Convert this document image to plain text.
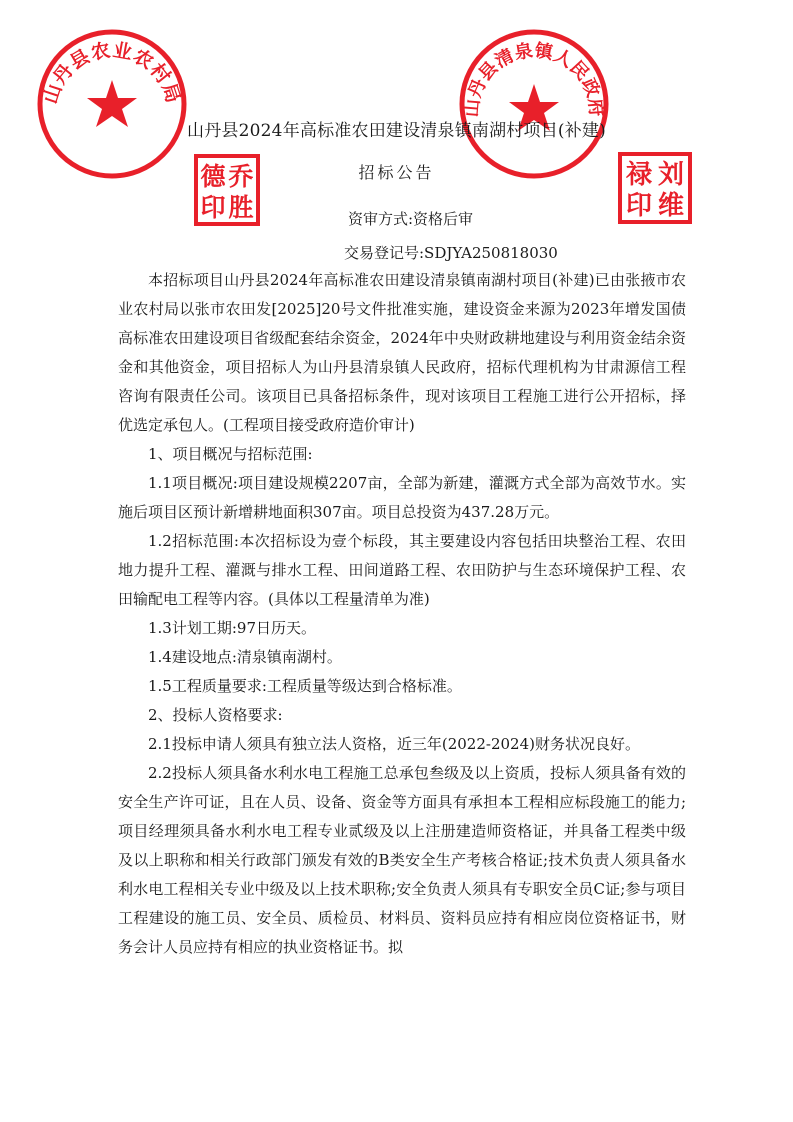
山丹县农业农村局
山丹县清泉镇人民政府
乔
德
胜
印
刘
禄
维
印
山丹县2024年高标准农田建设清泉镇南湖村项目(补建)
招标公告
资审方式:资格后审
交易登记号:SDJYA250818030

本招标项目山丹县2024年高标准农田建设清泉镇南湖村项目(补建)已由张掖市农业农村局以张市农田发[2025]20号文件批准实施，建设资金来源为2023年增发国债高标准农田建设项目省级配套结余资金，2024年中央财政耕地建设与利用资金结余资金和其他资金，项目招标人为山丹县清泉镇人民政府，招标代理机构为甘肃源信工程咨询有限责任公司。该项目已具备招标条件，现对该项目工程施工进行公开招标，择优选定承包人。(工程项目接受政府造价审计)

1、项目概况与招标范围:

1.1项目概况:项目建设规模2207亩，全部为新建，灌溉方式全部为高效节水。实施后项目区预计新增耕地面积307亩。项目总投资为437.28万元。

1.2招标范围:本次招标设为壹个标段，其主要建设内容包括田块整治工程、农田地力提升工程、灌溉与排水工程、田间道路工程、农田防护与生态环境保护工程、农田输配电工程等内容。(具体以工程量清单为准)

1.3计划工期:97日历天。

1.4建设地点:清泉镇南湖村。

1.5工程质量要求:工程质量等级达到合格标准。

2、投标人资格要求:

2.1投标申请人须具有独立法人资格，近三年(2022-2024)财务状况良好。

2.2投标人须具备水利水电工程施工总承包叁级及以上资质，投标人须具备有效的安全生产许可证，且在人员、设备、资金等方面具有承担本工程相应标段施工的能力;项目经理须具备水利水电工程专业贰级及以上注册建造师资格证，并具备工程类中级及以上职称和相关行政部门颁发有效的B类安全生产考核合格证;技术负责人须具备水利水电工程相关专业中级及以上技术职称;安全负责人须具有专职安全员C证;参与项目工程建设的施工员、安全员、质检员、材料员、资料员应持有相应岗位资格证书，财务会计人员应持有相应的执业资格证书。拟
